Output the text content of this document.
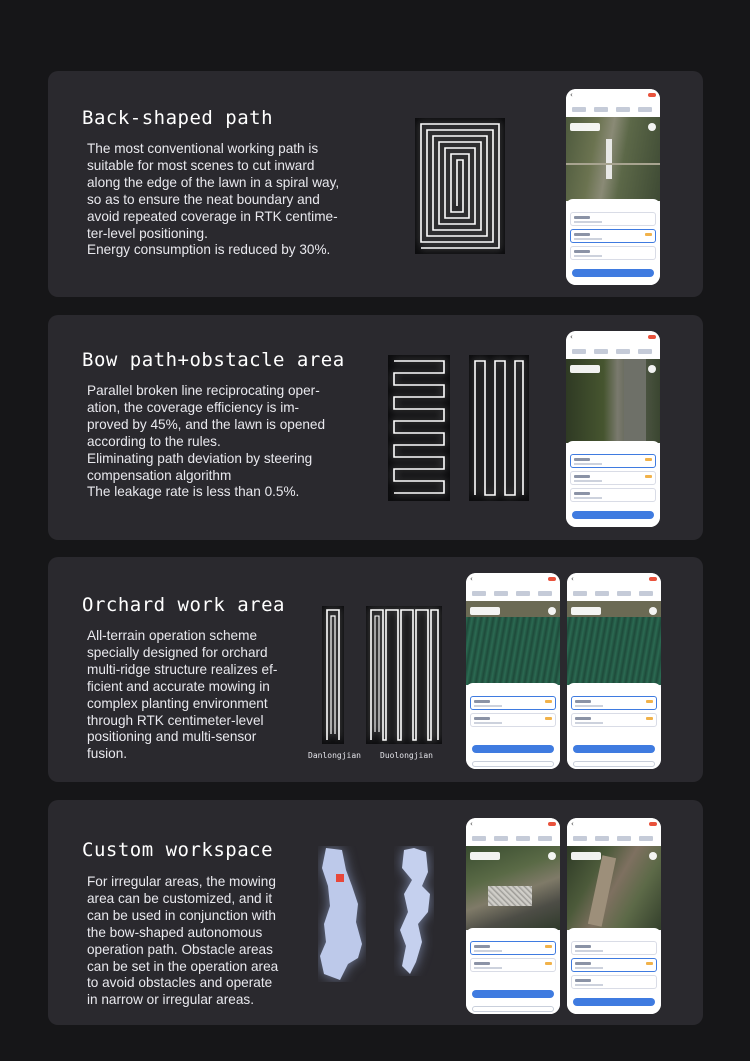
Back-shaped path
The most conventional working path is
suitable for most scenes to cut inward
along the edge of the lawn in a spiral way,
so as to ensure the neat boundary and
avoid repeated coverage in RTK centime-
ter-level positioning.
Energy consumption is reduced by 30%.
‹
Bow path+obstacle area
Parallel broken line reciprocating oper-
ation, the coverage efficiency is im-
proved by 45%, and the lawn is opened
according to the rules.
Eliminating path deviation by steering
compensation algorithm
The leakage rate is less than 0.5%.
‹
Orchard work area
All-terrain operation scheme
specially designed for orchard
multi-ridge structure realizes ef-
ficient and accurate mowing in
complex planting environment
through RTK centimeter-level
positioning and multi-sensor
fusion.	Danlongjian Duolongjian
‹	‹
Custom workspace
For irregular areas, the mowing
area can be customized, and it
can be used in conjunction with
the bow-shaped autonomous
operation path. Obstacle areas
can be set in the operation area
to avoid obstacles and operate
in narrow or irregular areas.
‹	‹
